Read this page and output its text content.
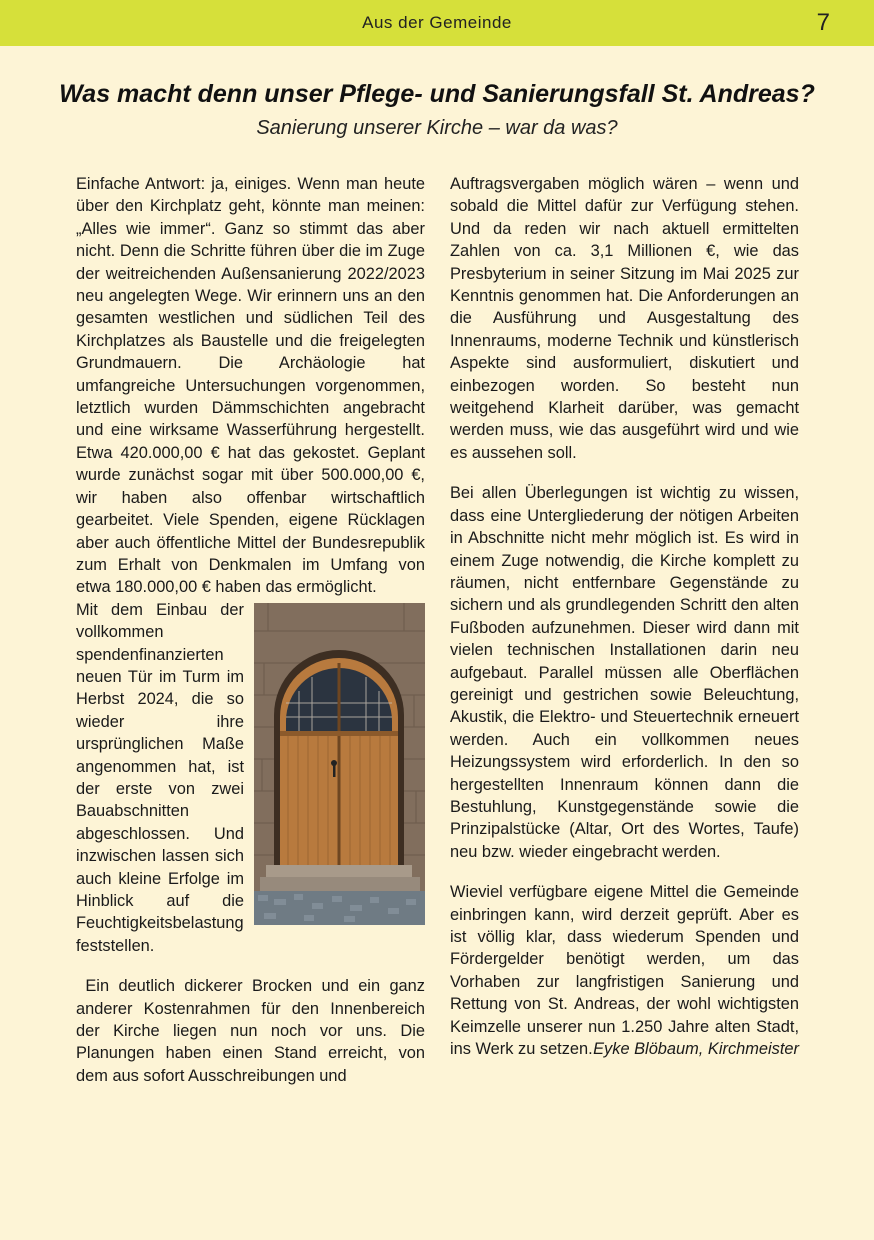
Aus der Gemeinde	7
Was macht denn unser Pflege- und Sanierungsfall St. Andreas?
Sanierung unserer Kirche – war da was?

Einfache Antwort: ja, einiges. Wenn man heute über den Kirchplatz geht, könnte man meinen: „Alles wie immer“. Ganz so stimmt das aber nicht. Denn die Schritte führen über die im Zuge der weitreichenden Außensanierung 2022/2023 neu angelegten Wege. Wir erinnern uns an den gesamten westlichen und südlichen Teil des Kirchplatzes als Baustelle und die freigelegten Grundmauern. Die Archäologie hat umfangreiche Untersuchungen vorgenommen, letztlich wurden Dämmschichten angebracht und eine wirksame Wasserführung hergestellt. Etwa 420.000,00 € hat das gekostet. Geplant wurde zunächst sogar mit über 500.000,00 €, wir haben also offenbar wirtschaftlich gearbeitet. Viele Spenden, eigene Rücklagen aber auch öffentliche Mittel der Bundesrepublik zum Erhalt von Denkmalen im Umfang von etwa 180.000,00 € haben das ermöglicht.

Mit dem Einbau der vollkommen spendenfinanzierten neuen Tür im Turm im Herbst 2024, die so wieder ihre ursprünglichen Maße angenommen hat, ist der erste von zwei Bauabschnitten abgeschlossen. Und inzwischen lassen sich auch kleine Erfolge im Hinblick auf die Feuchtigkeitsbelastung feststellen.

Ein deutlich dickerer Brocken und ein ganz anderer Kostenrahmen für den Innenbereich der Kirche liegen nun noch vor uns. Die Planungen haben einen Stand erreicht, von dem aus sofort Ausschreibungen und

Auftragsvergaben möglich wären – wenn und sobald die Mittel dafür zur Verfügung stehen. Und da reden wir nach aktuell ermittelten Zahlen von ca. 3,1 Millionen €, wie das Presbyterium in seiner Sitzung im Mai 2025 zur Kenntnis genommen hat. Die Anforderungen an die Ausführung und Ausgestaltung des Innenraums, moderne Technik und künstlerisch Aspekte sind ausformuliert, diskutiert und einbezogen worden. So besteht nun weitgehend Klarheit darüber, was gemacht werden muss, wie das ausgeführt wird und wie es aussehen soll.

Bei allen Überlegungen ist wichtig zu wissen, dass eine Untergliederung der nötigen Arbeiten in Abschnitte nicht mehr möglich ist. Es wird in einem Zuge notwendig, die Kirche komplett zu räumen, nicht entfernbare Gegenstände zu sichern und als grundlegenden Schritt den alten Fußboden aufzunehmen. Dieser wird dann mit vielen technischen Installationen darin neu aufgebaut. Parallel müssen alle Oberflächen gereinigt und gestrichen sowie Beleuchtung, Akustik, die Elektro- und Steuertechnik erneuert werden. Auch ein vollkommen neues Heizungssystem wird erforderlich. In den so hergestellten Innenraum können dann die Bestuhlung, Kunstgegenstände sowie die Prinzipalstücke (Altar, Ort des Wortes, Taufe) neu bzw. wieder eingebracht werden.

Wieviel verfügbare eigene Mittel die Gemeinde einbringen kann, wird derzeit geprüft. Aber es ist völlig klar, dass wiederum Spenden und Fördergelder benötigt werden, um das Vorhaben zur langfristigen Sanierung und Rettung von St. Andreas, der wohl wichtigsten Keimzelle unserer nun 1.250 Jahre alten Stadt, ins Werk zu setzen. Eyke Blöbaum, Kirchmeister
